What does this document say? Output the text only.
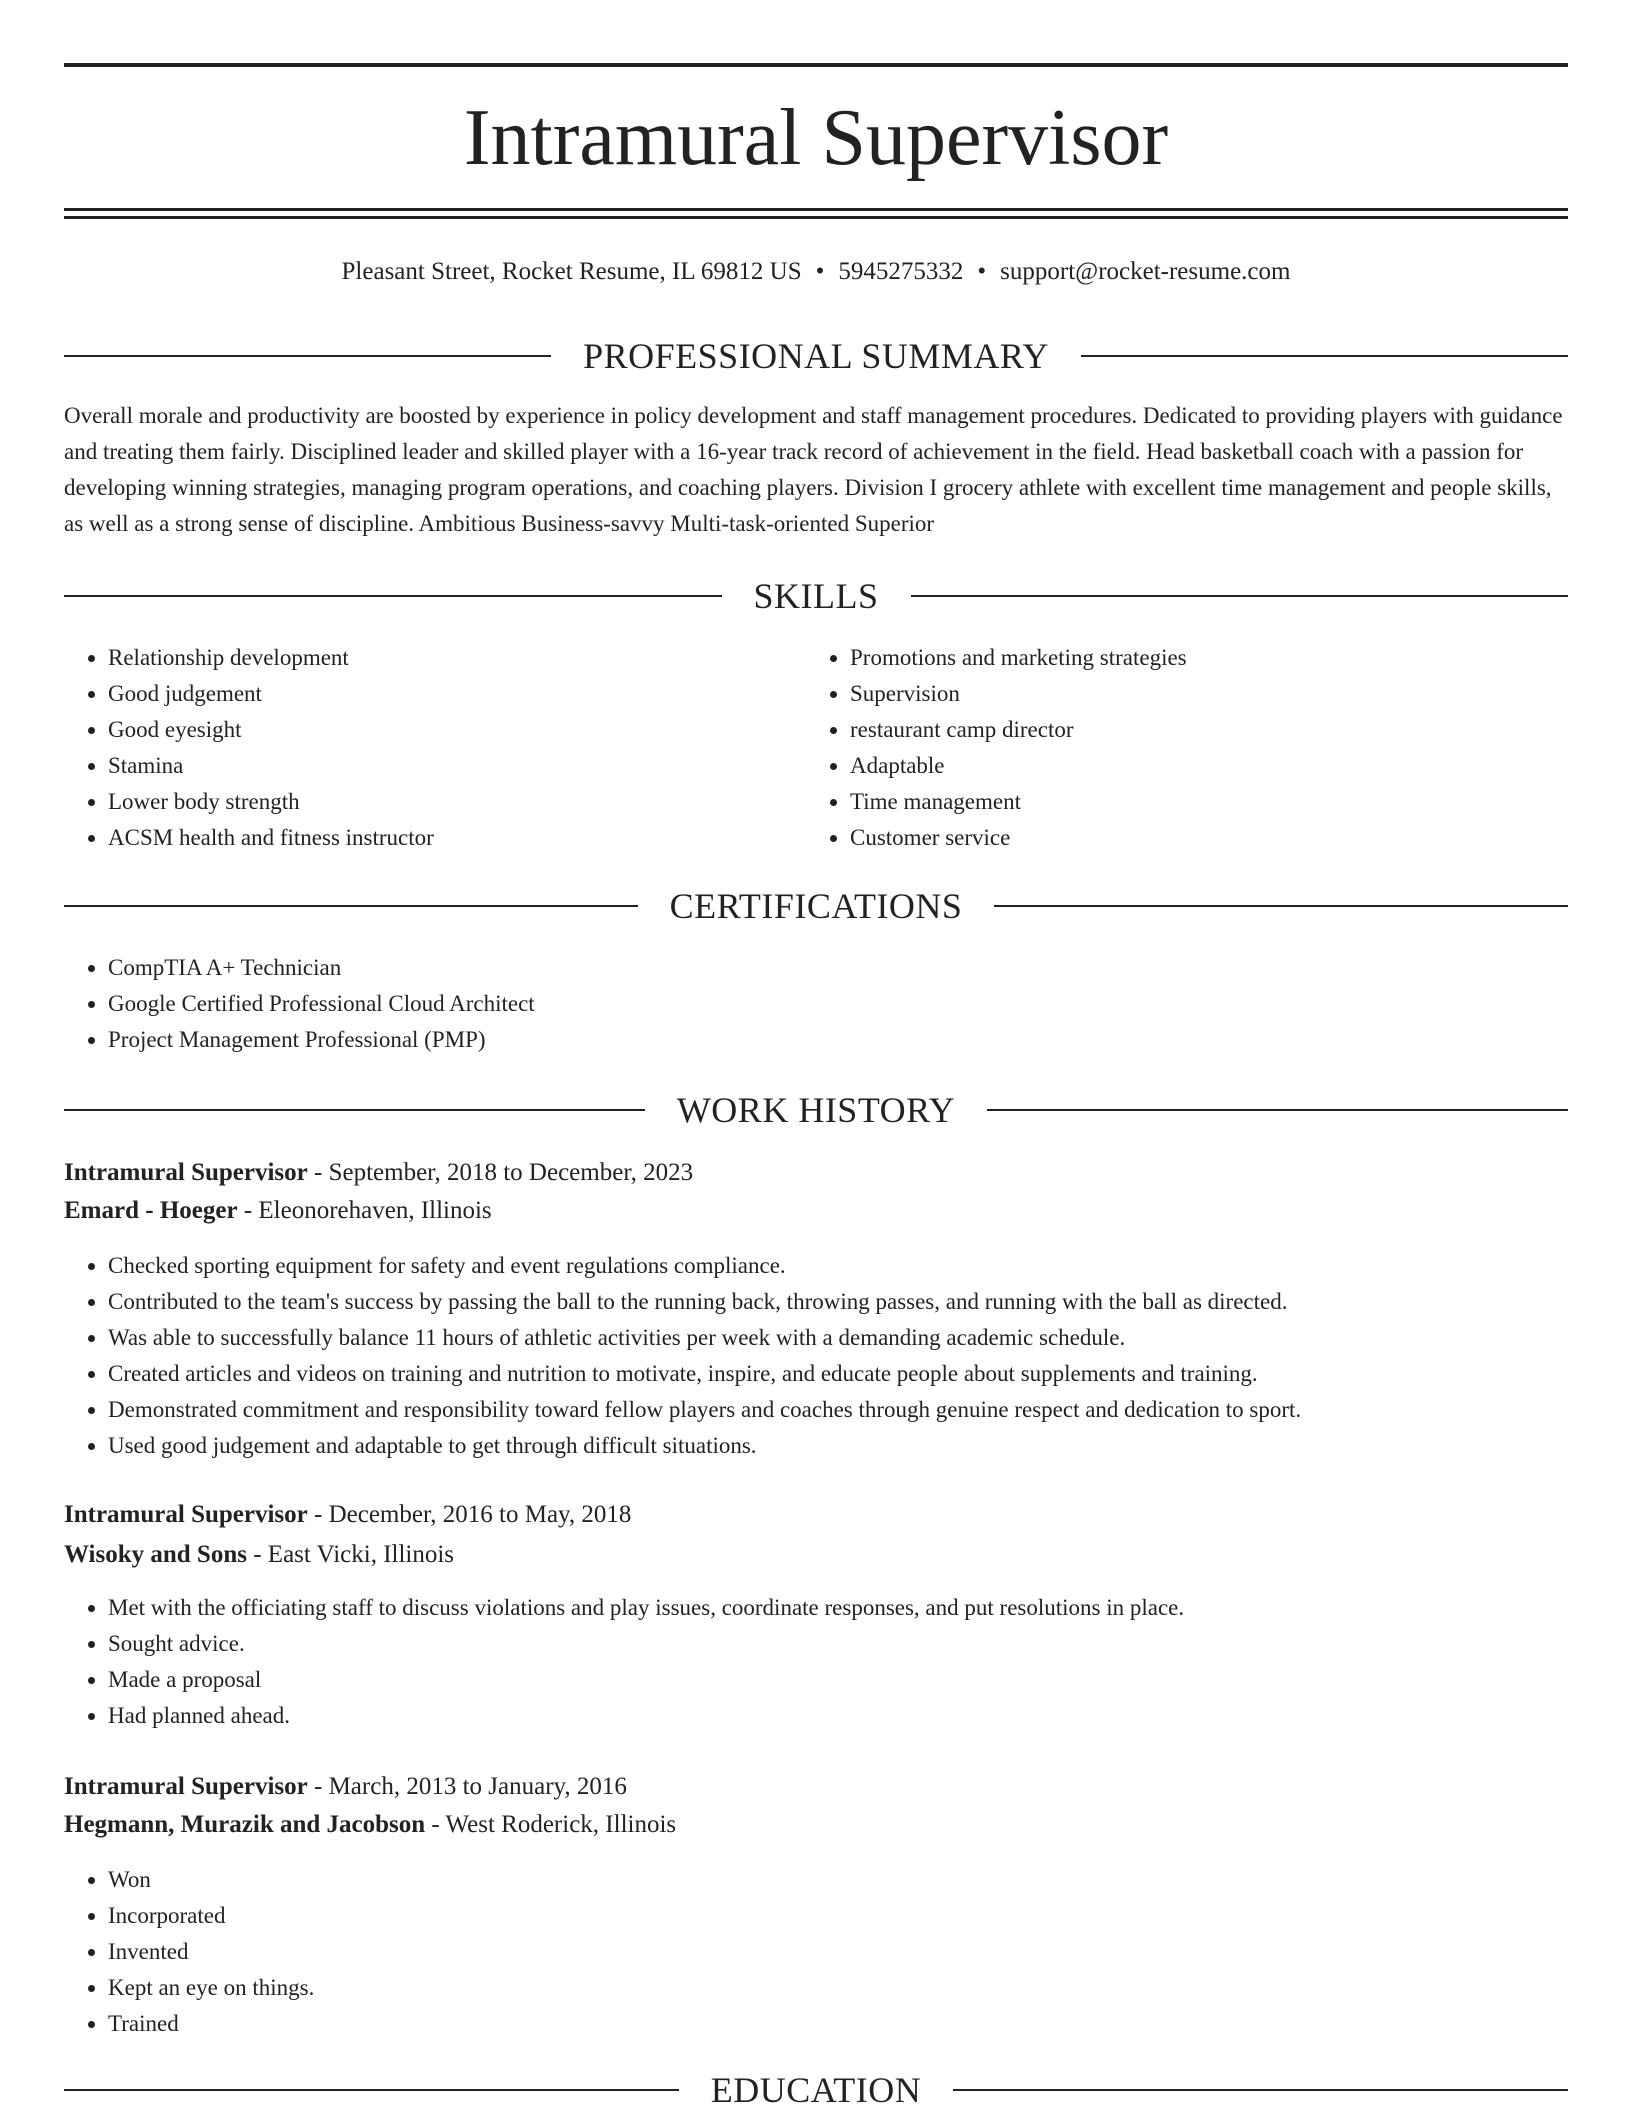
Intramural Supervisor
Pleasant Street, Rocket Resume, IL 69812 US • 5945275332 • support@rocket-resume.com
PROFESSIONAL SUMMARY

Overall morale and productivity are boosted by experience in policy development and staff management procedures. Dedicated to providing players with guidance and treating them fairly. Disciplined leader and skilled player with a 16-year track record of achievement in the field. Head basketball coach with a passion for developing winning strategies, managing program operations, and coaching players. Division I grocery athlete with excellent time management and people skills, as well as a strong sense of discipline. Ambitious Business-savvy Multi-task-oriented Superior

SKILLS
• Relationship development
• Good judgement
• Good eyesight
• Stamina
• Lower body strength
• ACSM health and fitness instructor
• Promotions and marketing strategies
• Supervision
• restaurant camp director
• Adaptable
• Time management
• Customer service
CERTIFICATIONS
• CompTIA A+ Technician
• Google Certified Professional Cloud Architect
• Project Management Professional (PMP)
WORK HISTORY
Intramural Supervisor - September, 2018 to December, 2023
Emard - Hoeger - Eleonorehaven, Illinois
• Checked sporting equipment for safety and event regulations compliance.
• Contributed to the team's success by passing the ball to the running back, throwing passes, and running with the ball as directed.
• Was able to successfully balance 11 hours of athletic activities per week with a demanding academic schedule.
• Created articles and videos on training and nutrition to motivate, inspire, and educate people about supplements and training.
• Demonstrated commitment and responsibility toward fellow players and coaches through genuine respect and dedication to sport.
• Used good judgement and adaptable to get through difficult situations.
Intramural Supervisor - December, 2016 to May, 2018
Wisoky and Sons - East Vicki, Illinois
• Met with the officiating staff to discuss violations and play issues, coordinate responses, and put resolutions in place.
• Sought advice.
• Made a proposal
• Had planned ahead.
Intramural Supervisor - March, 2013 to January, 2016
Hegmann, Murazik and Jacobson - West Roderick, Illinois
• Won
• Incorporated
• Invented
• Kept an eye on things.
• Trained
EDUCATION
